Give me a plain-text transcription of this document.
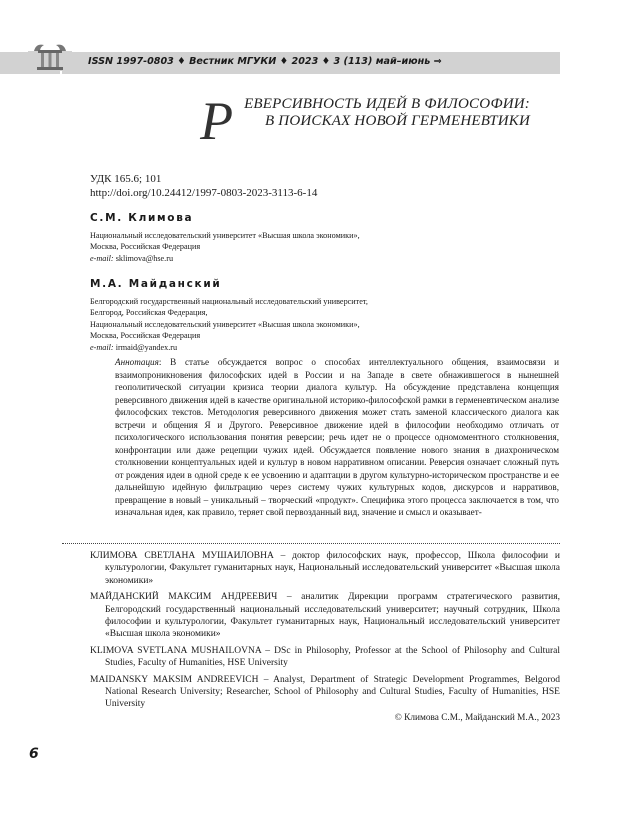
ISSN 1997-0803 ♦ Вестник МГУКИ ♦ 2023 ♦ 3 (113) май–июнь ⇒
Р ЕВЕРСИВНОСТЬ ИДЕЙ В ФИЛОСОФИИ:
В ПОИСКАХ НОВОЙ ГЕРМЕНЕВТИКИ
УДК 165.6; 101
http://doi.org/10.24412/1997-0803-2023-3113-6-14
С.М. Климова
Национальный исследовательский университет «Высшая школа экономики»,
Москва, Российская Федерация
e-mail: sklimova@hse.ru
М.А. Майданский
Белгородский государственный национальный исследовательский университет,
Белгород, Российская Федерация,
Национальный исследовательский университет «Высшая школа экономики»,
Москва, Российская Федерация
e-mail: irmaid@yandex.ru
Аннотация: В статье обсуждается вопрос о способах интеллектуального общения, взаимосвязи и взаимопроникновения философских идей в России и на Западе в свете обнажившегося в нынешней геополитической ситуации кризиса теории диалога культур. На обсуждение представлена концепция реверсивного движения идей в качестве оригинальной историко-философской рамки в герменевтическом анализе философских текстов. Методология реверсивного движения может стать заменой классического диалога как встречи и общения Я и Другого. Реверсивное движение идей в философии необходимо отличать от психологического использования понятия реверсии; речь идет не о процессе одномоментного столкновения, конфронтации или даже рецепции чужих идей. Обсуждается появление нового знания в диахроническом столкновении концептуальных идей и культур в новом нарративном описании. Реверсия означает сложный путь от рождения идеи в одной среде к ее усвоению и адаптации в другом культурно-историческом пространстве и ее дальнейшую идейную фильтрацию через систему чужих культурных кодов, дискурсов и нарративов, превращение в новый – уникальный – творческий «продукт». Специфика этого процесса заключается в том, что изначальная идея, как правило, теряет свой первозданный вид, значение и смысл и оказывает-

КЛИМОВА СВЕТЛАНА МУШАИЛОВНА – доктор философских наук, профессор, Школа философии и культурологии, Факультет гуманитарных наук, Национальный исследовательский университет «Высшая школа экономики»

МАЙДАНСКИЙ МАКСИМ АНДРЕЕВИЧ – аналитик Дирекции программ стратегического развития, Белгородский государственный национальный исследовательский университет; научный сотрудник, Школа философии и культурологии, Факультет гуманитарных наук, Национальный исследовательский университет «Высшая школа экономики»

KLIMOVA SVETLANA MUSHAILOVNA – DSc in Philosophy, Professor at the School of Philosophy and Cultural Studies, Faculty of Humanities, HSE University

MAIDANSKY MAKSIM ANDREEVICH – Analyst, Department of Strategic Development Programmes, Belgorod National Research University; Researcher, School of Philosophy and Cultural Studies, Faculty of Humanities, HSE University

© Климова С.М., Майданский М.А., 2023
6
